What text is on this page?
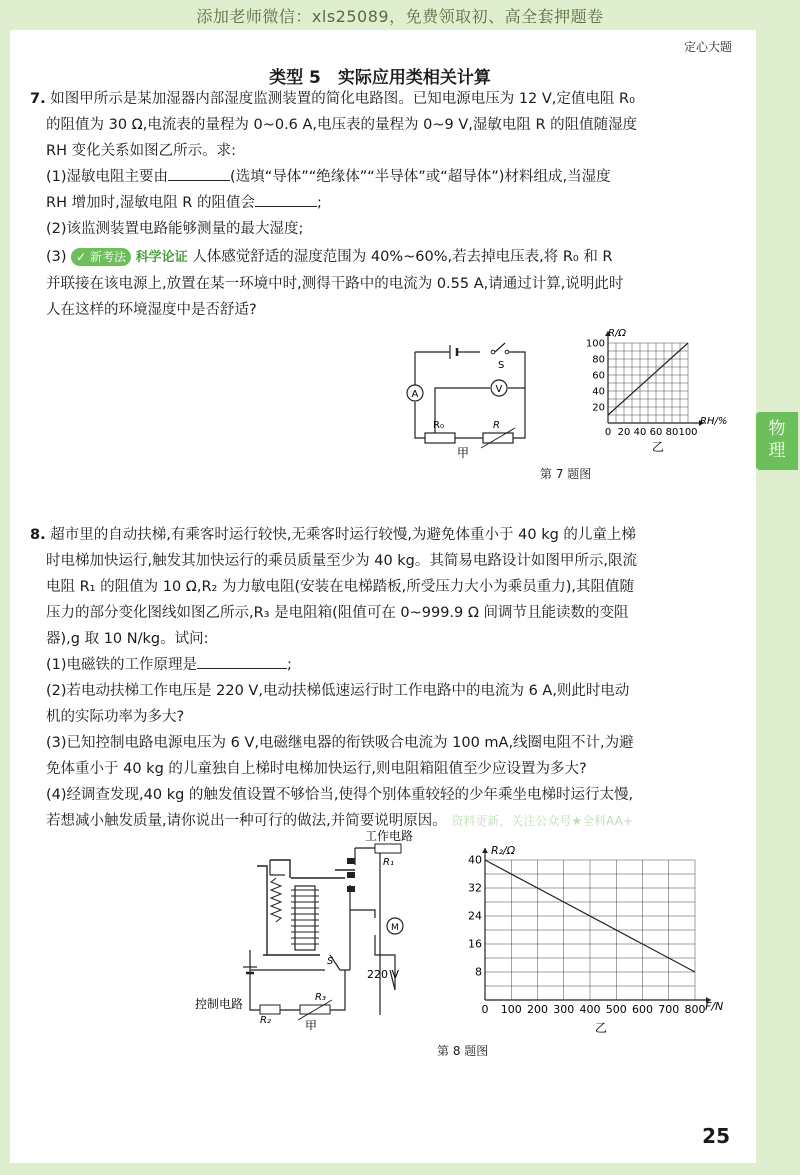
添加老师微信：xls25089，免费领取初、高全套押题卷
定心大题
类型 5　实际应用类相关计算
物
理
7. 如图甲所示是某加湿器内部湿度监测装置的简化电路图。已知电源电压为 12 V,定值电阻 R₀
的阻值为 30 Ω,电流表的量程为 0~0.6 A,电压表的量程为 0~9 V,湿敏电阻 R 的阻值随湿度
RH 变化关系如图乙所示。求:
(1)湿敏电阻主要由	(选填“导体”“绝缘体”“半导体”或“超导体”)材料组成,当湿度
RH 增加时,湿敏电阻 R 的阻值会	;
(2)该监测装置电路能够测量的最大湿度;
(3) ✓ 新考法 科学论证 人体感觉舒适的湿度范围为 40%~60%,若去掉电压表,将 R₀ 和 R
并联接在该电源上,放置在某一环境中时,测得干路中的电流为 0.55 A,请通过计算,说明此时
人在这样的环境湿度中是否舒适?
S
A	V
R₀	R
甲
0 20 40 60 80 100
20
40
60
80
100
R/Ω
RH/%
乙
第 7 题图
8. 超市里的自动扶梯,有乘客时运行较快,无乘客时运行较慢,为避免体重小于 40 kg 的儿童上梯
时电梯加快运行,触发其加快运行的乘员质量至少为 40 kg。其简易电路设计如图甲所示,限流
电阻 R₁ 的阻值为 10 Ω,R₂ 为力敏电阻(安装在电梯踏板,所受压力大小为乘员重力),其阻值随
压力的部分变化图线如图乙所示,R₃ 是电阻箱(阻值可在 0~999.9 Ω 间调节且能读数的变阻
器),g 取 10 N/kg。试问:
(1)电磁铁的工作原理是	;
(2)若电动扶梯工作电压是 220 V,电动扶梯低速运行时工作电路中的电流为 6 A,则此时电动
机的实际功率为多大?
(3)已知控制电路电源电压为 6 V,电磁继电器的衔铁吸合电流为 100 mA,线圈电阻不计,为避
免体重小于 40 kg 的儿童独自上梯时电梯加快运行,则电阻箱阻值至少应设置为多大?
(4)经调查发现,40 kg 的触发值设置不够恰当,使得个别体重较轻的少年乘坐电梯时运行太慢,
若想减小触发质量,请你说出一种可行的做法,并简要说明原因。 资料更新，关注公众号★全科AA+
R₁
工作电路
M
220 V
S
R₂
R₃
控制电路
甲
0 100 200 300 400 500 600 700 800
8
16
24
32
40
R₂/Ω
F/N
乙
第 8 题图
25
